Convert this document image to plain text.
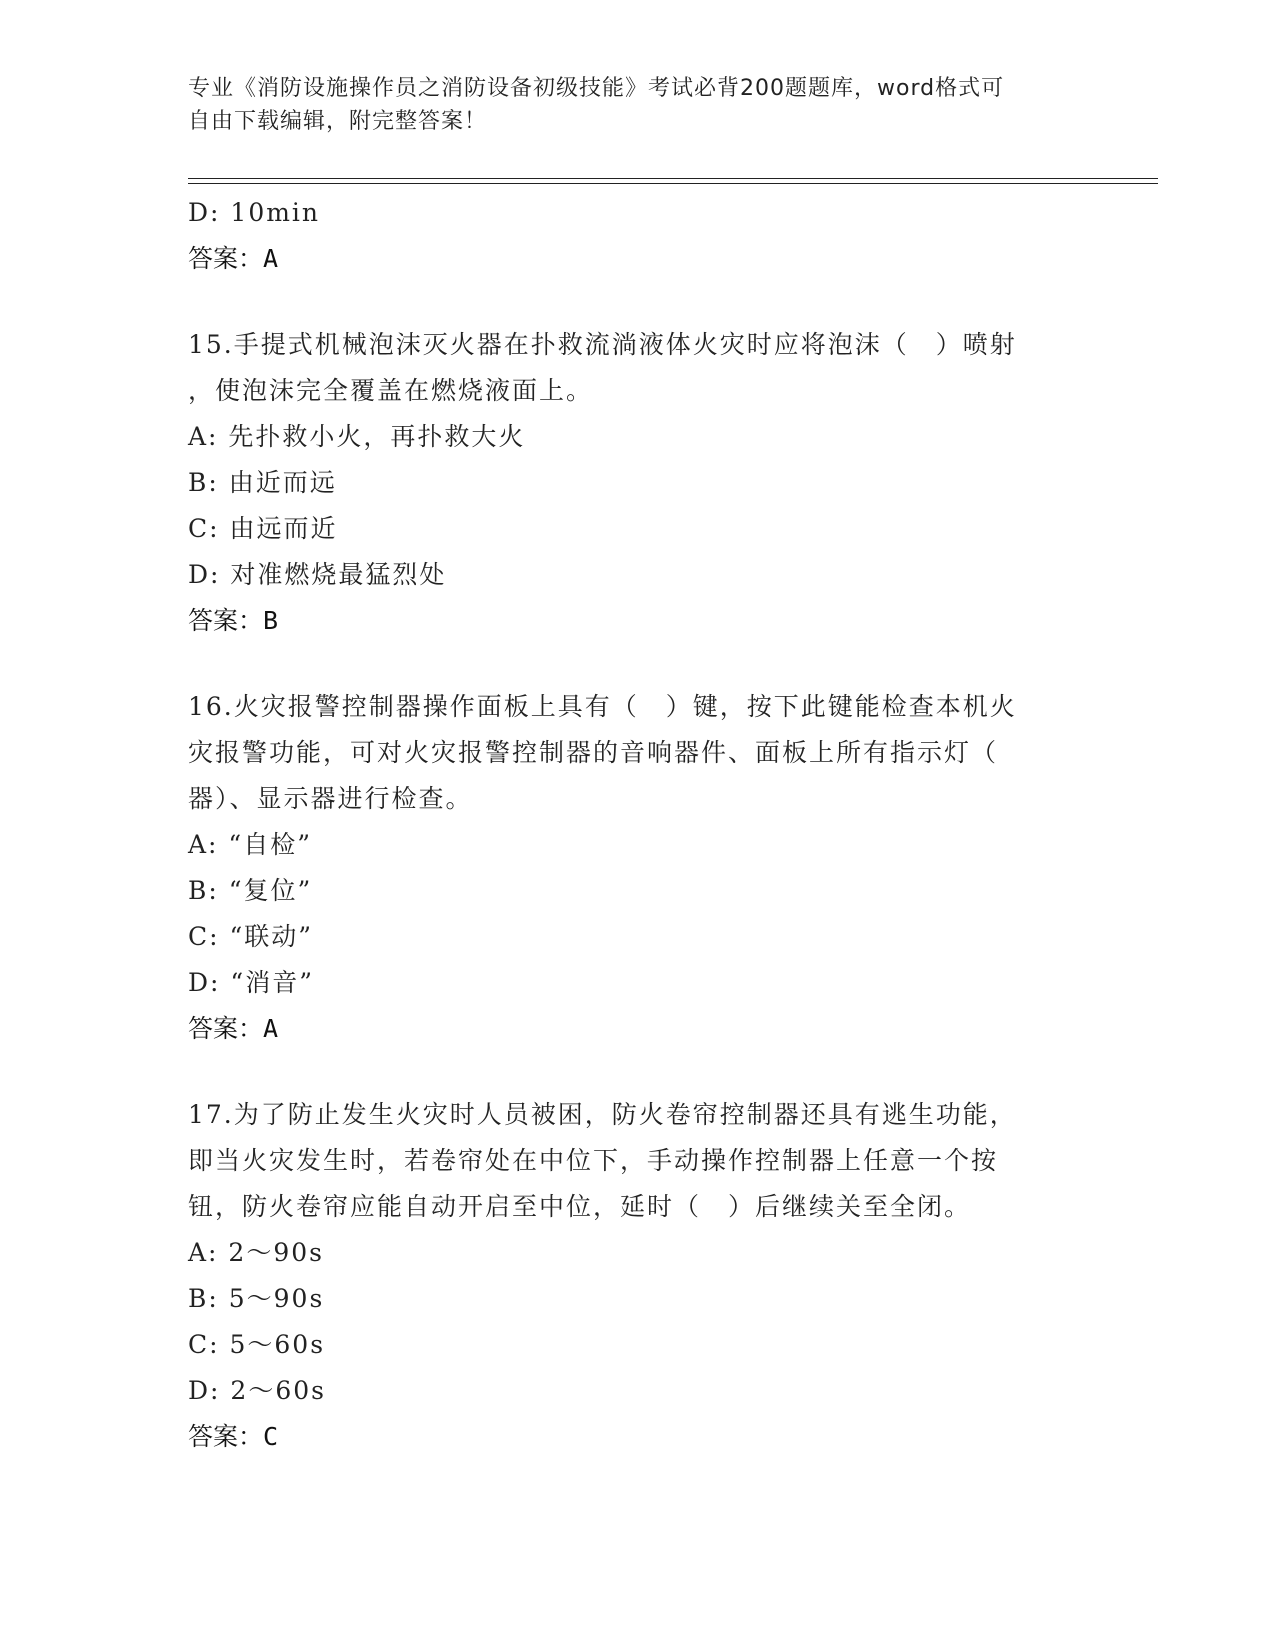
专业《消防设施操作员之消防设备初级技能》考试必背200题题库，word格式可
自由下载编辑，附完整答案！
D: 10min
答案：A
15.手提式机械泡沫灭火器在扑救流淌液体火灾时应将泡沫（　）喷射
，使泡沫完全覆盖在燃烧液面上。
A: 先扑救小火，再扑救大火
B: 由近而远
C: 由远而近
D: 对准燃烧最猛烈处
答案：B
16.火灾报警控制器操作面板上具有（　）键，按下此键能检查本机火
灾报警功能，可对火灾报警控制器的音响器件、面板上所有指示灯（
器）、显示器进行检查。
A: “自检”
B: “复位”
C: “联动”
D: “消音”
答案：A
17.为了防止发生火灾时人员被困，防火卷帘控制器还具有逃生功能，
即当火灾发生时，若卷帘处在中位下，手动操作控制器上任意一个按
钮，防火卷帘应能自动开启至中位，延时（　）后继续关至全闭。
A: 2～90s
B: 5～90s
C: 5～60s
D: 2～60s
答案：C
